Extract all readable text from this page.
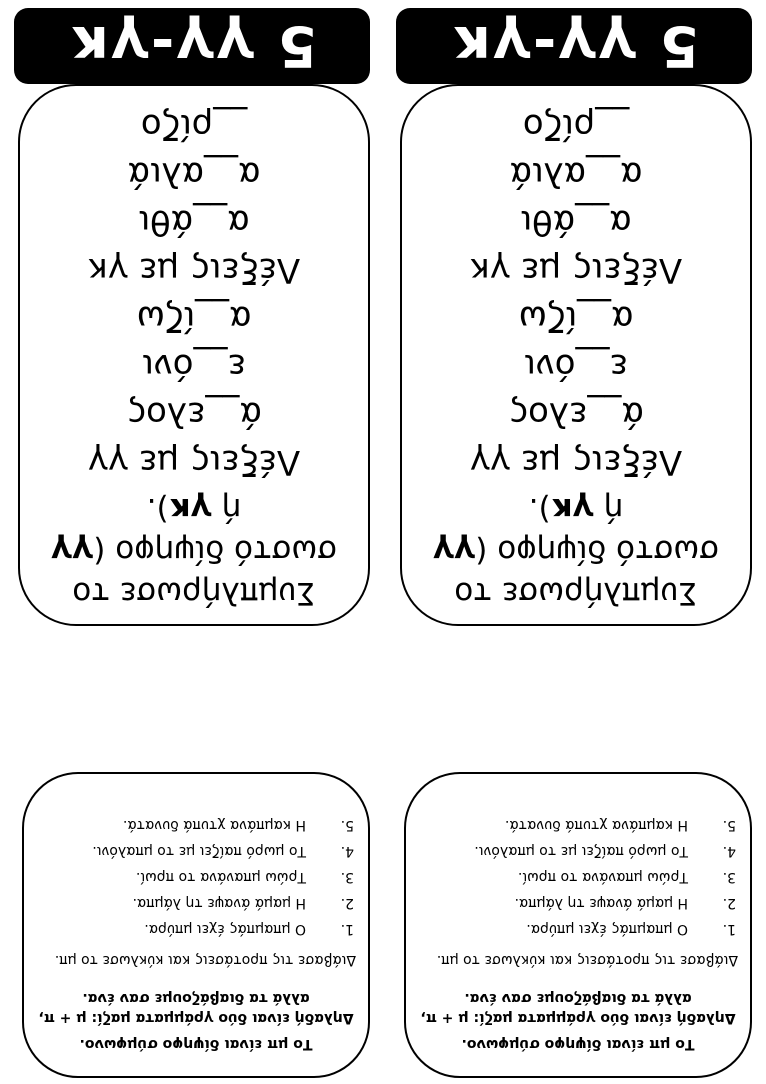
Το μπ είναι δίψηφο σύμφωνο.
Δηλαδή είναι δύο γράμματα μαζί: μ + π, αλλά τα διαβάζουμε σαν ένα.
Διάβασε τις προτάσεις και κύκλωσε το μπ.
1.
Ο μπαμπάς έχει μπύρα.
2.
Η μαμά άναψε τη λάμπα.
3.
Τρώω μπανάνα το πρωί.
4.
Το μωρό παίζει με το μπαλόνι.
5.
Η καμπάνα χτυπά δυνατά.
Συμπλήρωσε το σωστό δίψηφο (γγ ή γκ).
Λέξεις με γγ
ά__ελος
ε__όνι
α__ίζω
Λέξεις με γκ
α__άθι
α__αλιά
__ρίζο
5 γγ-γκ
Το μπ είναι δίψηφο σύμφωνο.
Δηλαδή είναι δύο γράμματα μαζί: μ + π, αλλά τα διαβάζουμε σαν ένα.
Διάβασε τις προτάσεις και κύκλωσε το μπ.
1.
Ο μπαμπάς έχει μπύρα.
2.
Η μαμά άναψε τη λάμπα.
3.
Τρώω μπανάνα το πρωί.
4.
Το μωρό παίζει με το μπαλόνι.
5.
Η καμπάνα χτυπά δυνατά.
Συμπλήρωσε το σωστό δίψηφο (γγ ή γκ).
Λέξεις με γγ
ά__ελος
ε__όνι
α__ίζω
Λέξεις με γκ
α__άθι
α__αλιά
__ρίζο
5 γγ-γκ
